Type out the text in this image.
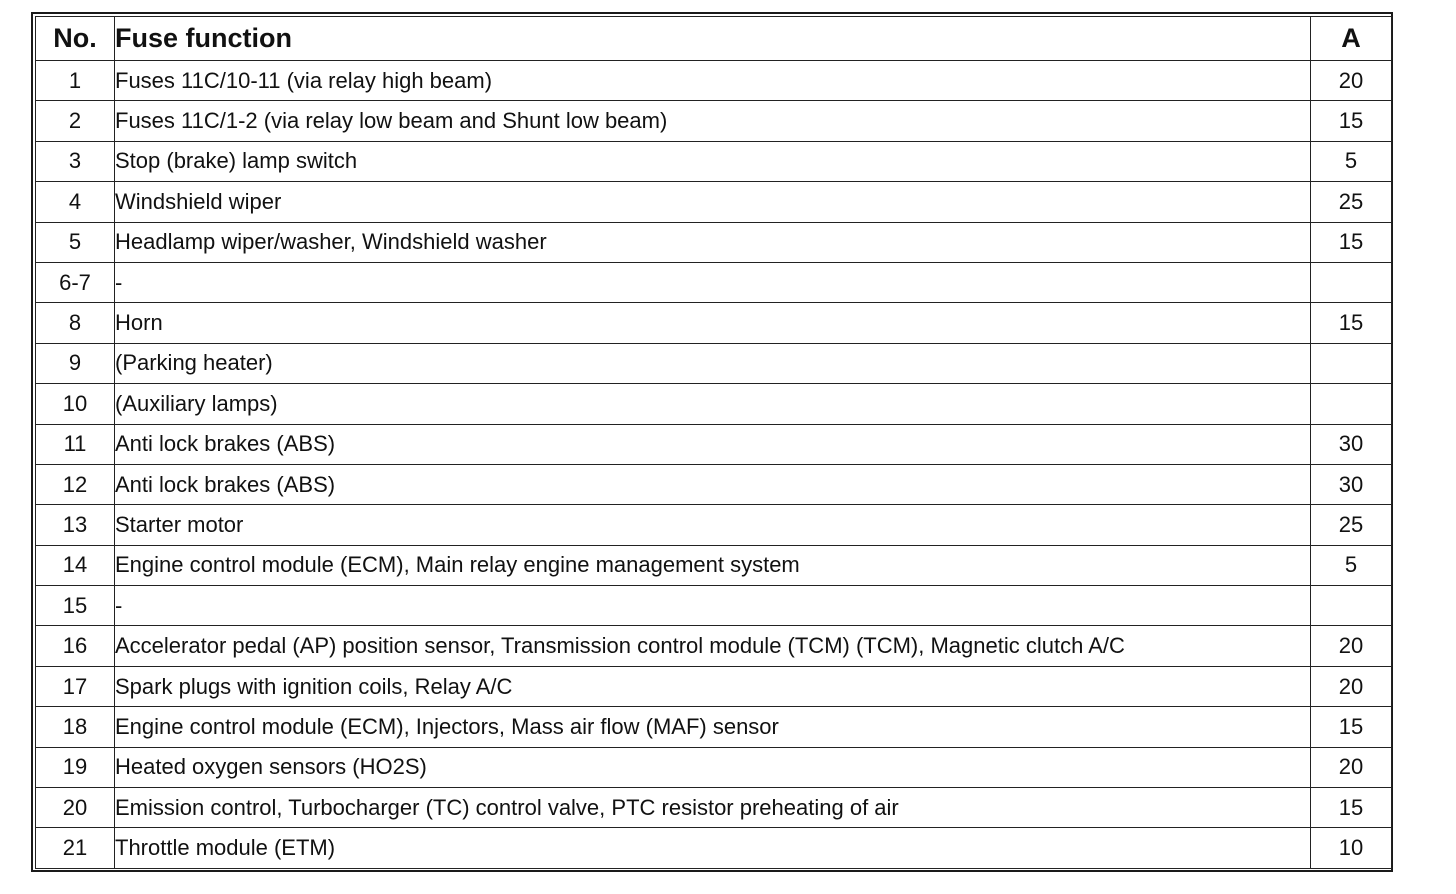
No.	Fuse function	A
1	Fuses 11C/10-11 (via relay high beam)	20
2	Fuses 11C/1-2 (via relay low beam and Shunt low beam)	15
3	Stop (brake) lamp switch	5
4	Windshield wiper	25
5	Headlamp wiper/washer, Windshield washer	15
6-7	-	
8	Horn	15
9	(Parking heater)	
10	(Auxiliary lamps)	
11	Anti lock brakes (ABS)	30
12	Anti lock brakes (ABS)	30
13	Starter motor	25
14	Engine control module (ECM), Main relay engine management system	5
15	-	
16	Accelerator pedal (AP) position sensor, Transmission control module (TCM) (TCM), Magnetic clutch A/C	20
17	Spark plugs with ignition coils, Relay A/C	20
18	Engine control module (ECM), Injectors, Mass air flow (MAF) sensor	15
19	Heated oxygen sensors (HO2S)	20
20	Emission control, Turbocharger (TC) control valve, PTC resistor preheating of air	15
21	Throttle module (ETM)	10
